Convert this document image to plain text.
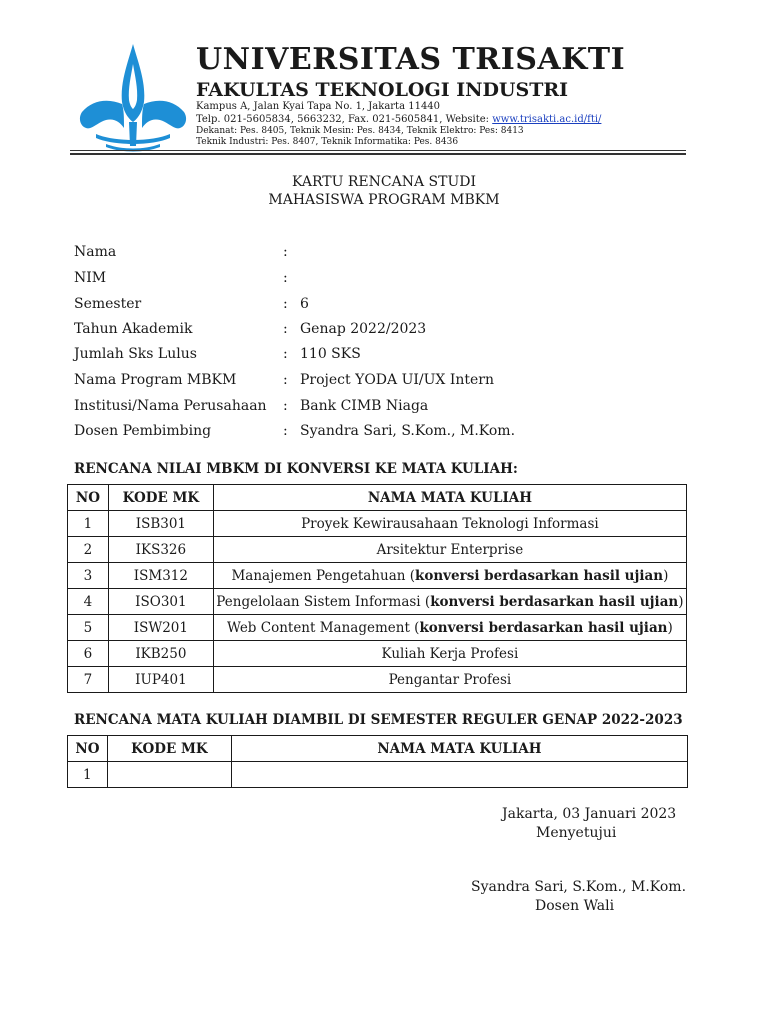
UNIVERSITAS TRISAKTI
FAKULTAS TEKNOLOGI INDUSTRI
Kampus A, Jalan Kyai Tapa No. 1, Jakarta 11440
Telp. 021-5605834, 5663232, Fax. 021-5605841, Website: www.trisakti.ac.id/fti/
Dekanat: Pes. 8405, Teknik Mesin: Pes. 8434, Teknik Elektro: Pes: 8413
Teknik Industri: Pes. 8407, Teknik Informatika: Pes. 8436
KARTU RENCANA STUDI
MAHASISWA PROGRAM MBKM
Nama	:
NIM	:
Semester	: 6
Tahun Akademik	: Genap 2022/2023
Jumlah Sks Lulus	: 110 SKS
Nama Program MBKM	: Project YODA UI/UX Intern
Institusi/Nama Perusahaan : Bank CIMB Niaga
Dosen Pembimbing	: Syandra Sari, S.Kom., M.Kom.
RENCANA NILAI MBKM DI KONVERSI KE MATA KULIAH:
NO	KODE MK	NAMA MATA KULIAH
1	ISB301	Proyek Kewirausahaan Teknologi Informasi
2	IKS326	Arsitektur Enterprise
3	ISM312	Manajemen Pengetahuan (konversi berdasarkan hasil ujian)
4	ISO301	Pengelolaan Sistem Informasi (konversi berdasarkan hasil ujian)
5	ISW201	Web Content Management (konversi berdasarkan hasil ujian)
6	IKB250	Kuliah Kerja Profesi
7	IUP401	Pengantar Profesi
RENCANA MATA KULIAH DIAMBIL DI SEMESTER REGULER GENAP 2022-2023
NO	KODE MK	NAMA MATA KULIAH
1		
Jakarta, 03 Januari 2023
Menyetujui
Syandra Sari, S.Kom., M.Kom.
Dosen Wali
